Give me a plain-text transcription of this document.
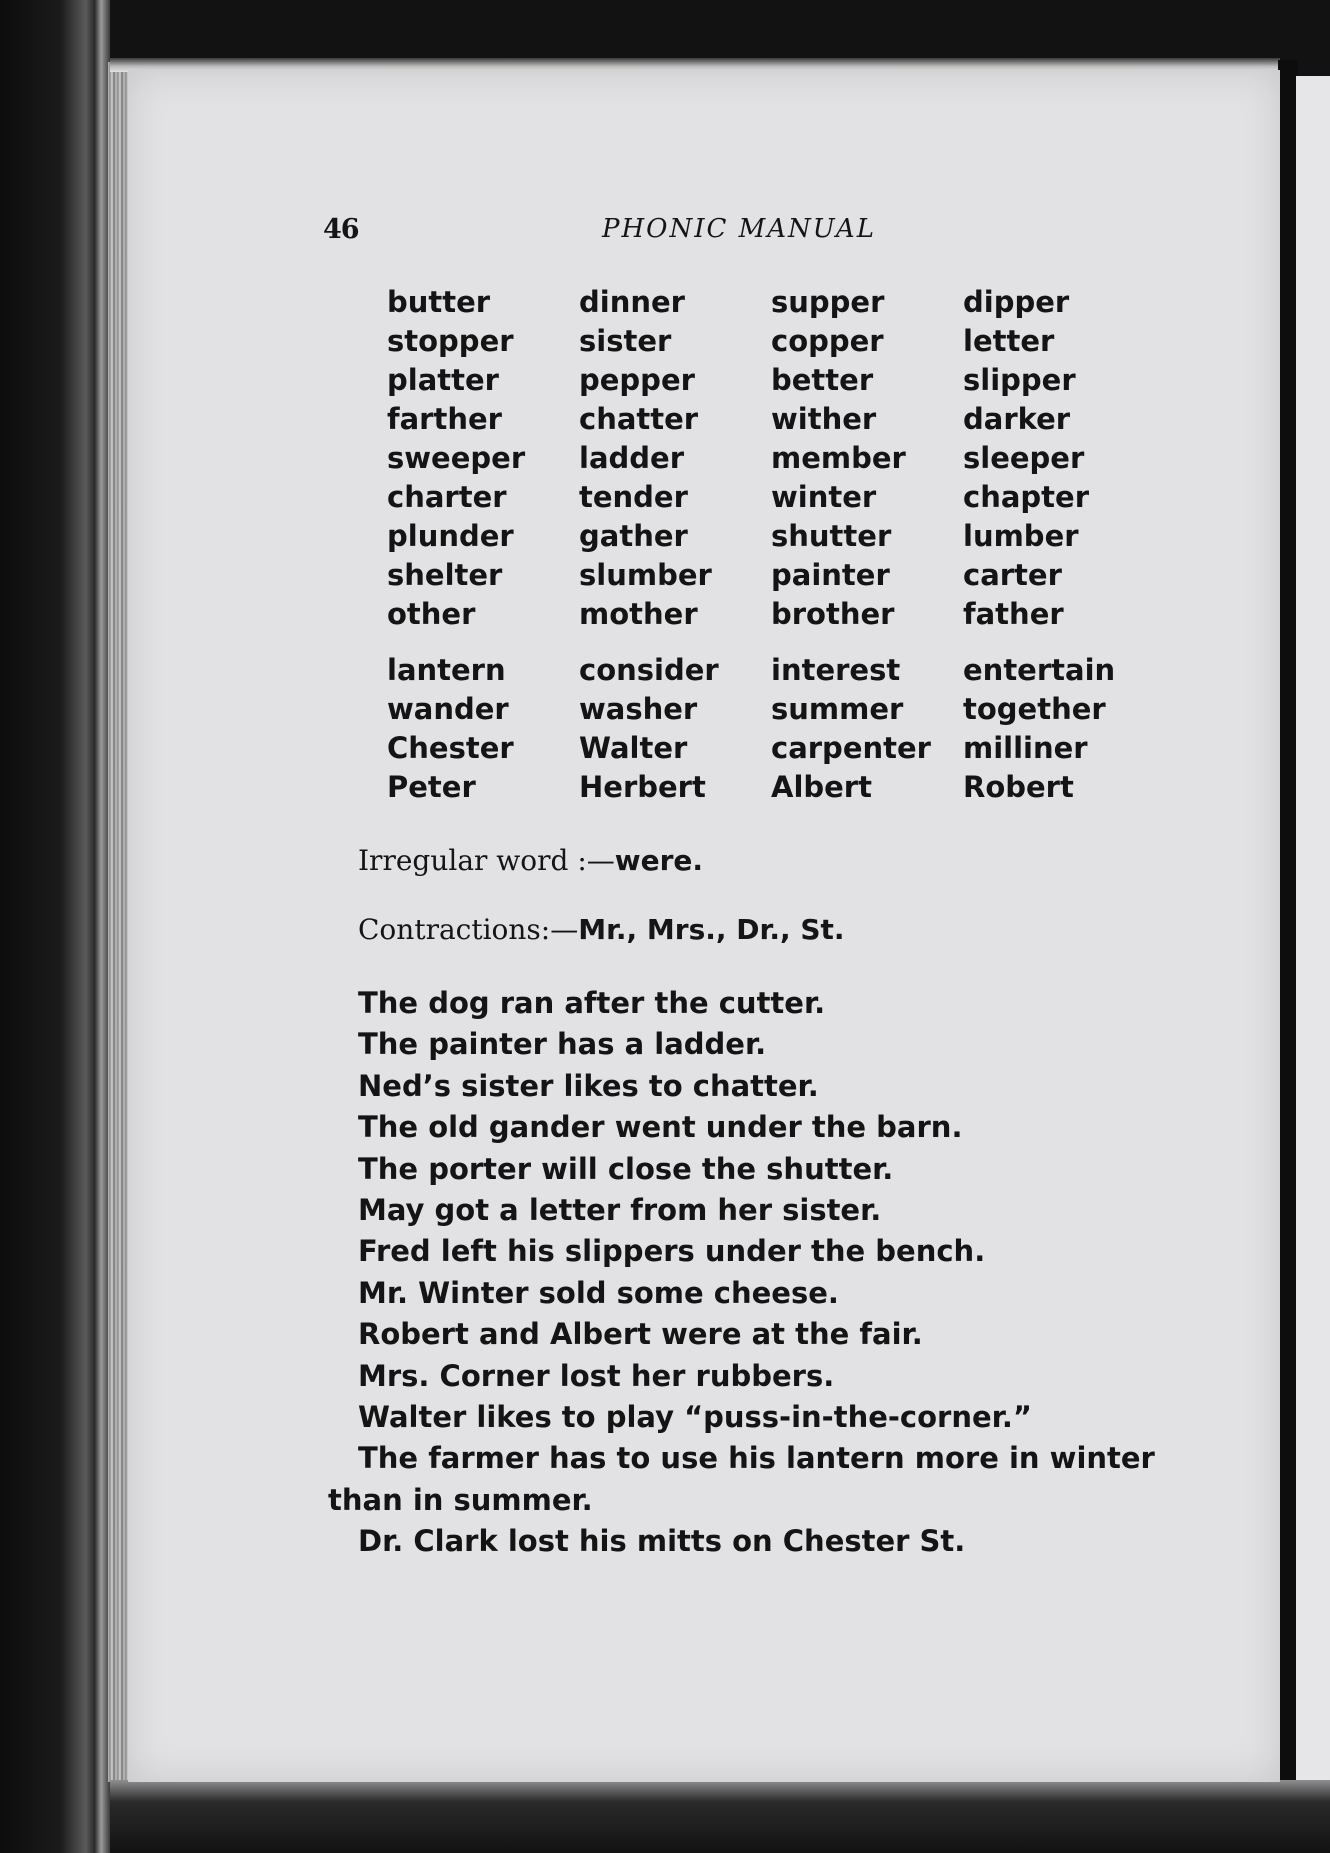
46	PHONIC MANUAL
butter	dinner	supper	dipper
stopper	sister	copper	letter
platter	pepper	better	slipper
farther	chatter	wither	darker
sweeper	ladder	member	sleeper
charter	tender	winter	chapter
plunder	gather	shutter	lumber
shelter	slumber	painter	carter
other	mother	brother	father
lantern	consider	interest	entertain
wander	washer	summer	together
Chester	Walter	carpenter	milliner
Peter	Herbert	Albert	Robert
Irregular word :—were.
Contractions:—Mr., Mrs., Dr., St.
The dog ran after the cutter.
The painter has a ladder.
Ned’s sister likes to chatter.
The old gander went under the barn.
The porter will close the shutter.
May got a letter from her sister.
Fred left his slippers under the bench.
Mr. Winter sold some cheese.
Robert and Albert were at the fair.
Mrs. Corner lost her rubbers.
Walter likes to play “puss-in-the-corner.”
The farmer has to use his lantern more in winter
than in summer.
Dr. Clark lost his mitts on Chester St.
